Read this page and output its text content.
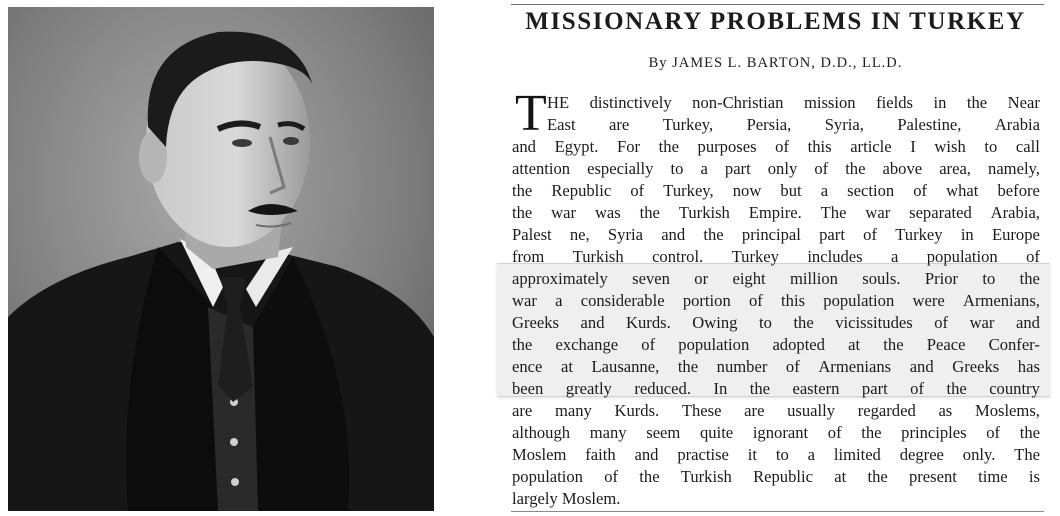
MISSIONARY PROBLEMS IN TURKEY

By JAMES L. BARTON, D.D., LL.D.

T HE distinctively non-Christian mission fields in the Near
East are Turkey, Persia, Syria, Palestine, Arabia
and Egypt. For the purposes of this article I wish to call
attention especially to a part only of the above area, namely,
the Republic of Turkey, now but a section of what before
the war was the Turkish Empire. The war separated Arabia,
Palest ne, Syria and the principal part of Turkey in Europe
from Turkish control. Turkey includes a population of
approximately seven or eight million souls. Prior to the
war a considerable portion of this population were Armenians,
Greeks and Kurds. Owing to the vicissitudes of war and
the exchange of population adopted at the Peace Confer-
ence at Lausanne, the number of Armenians and Greeks has
been greatly reduced. In the eastern part of the country
are many Kurds. These are usually regarded as Moslems,
although many seem quite ignorant of the principles of the
Moslem faith and practise it to a limited degree only. The
population of the Turkish Republic at the present time is
largely Moslem.
